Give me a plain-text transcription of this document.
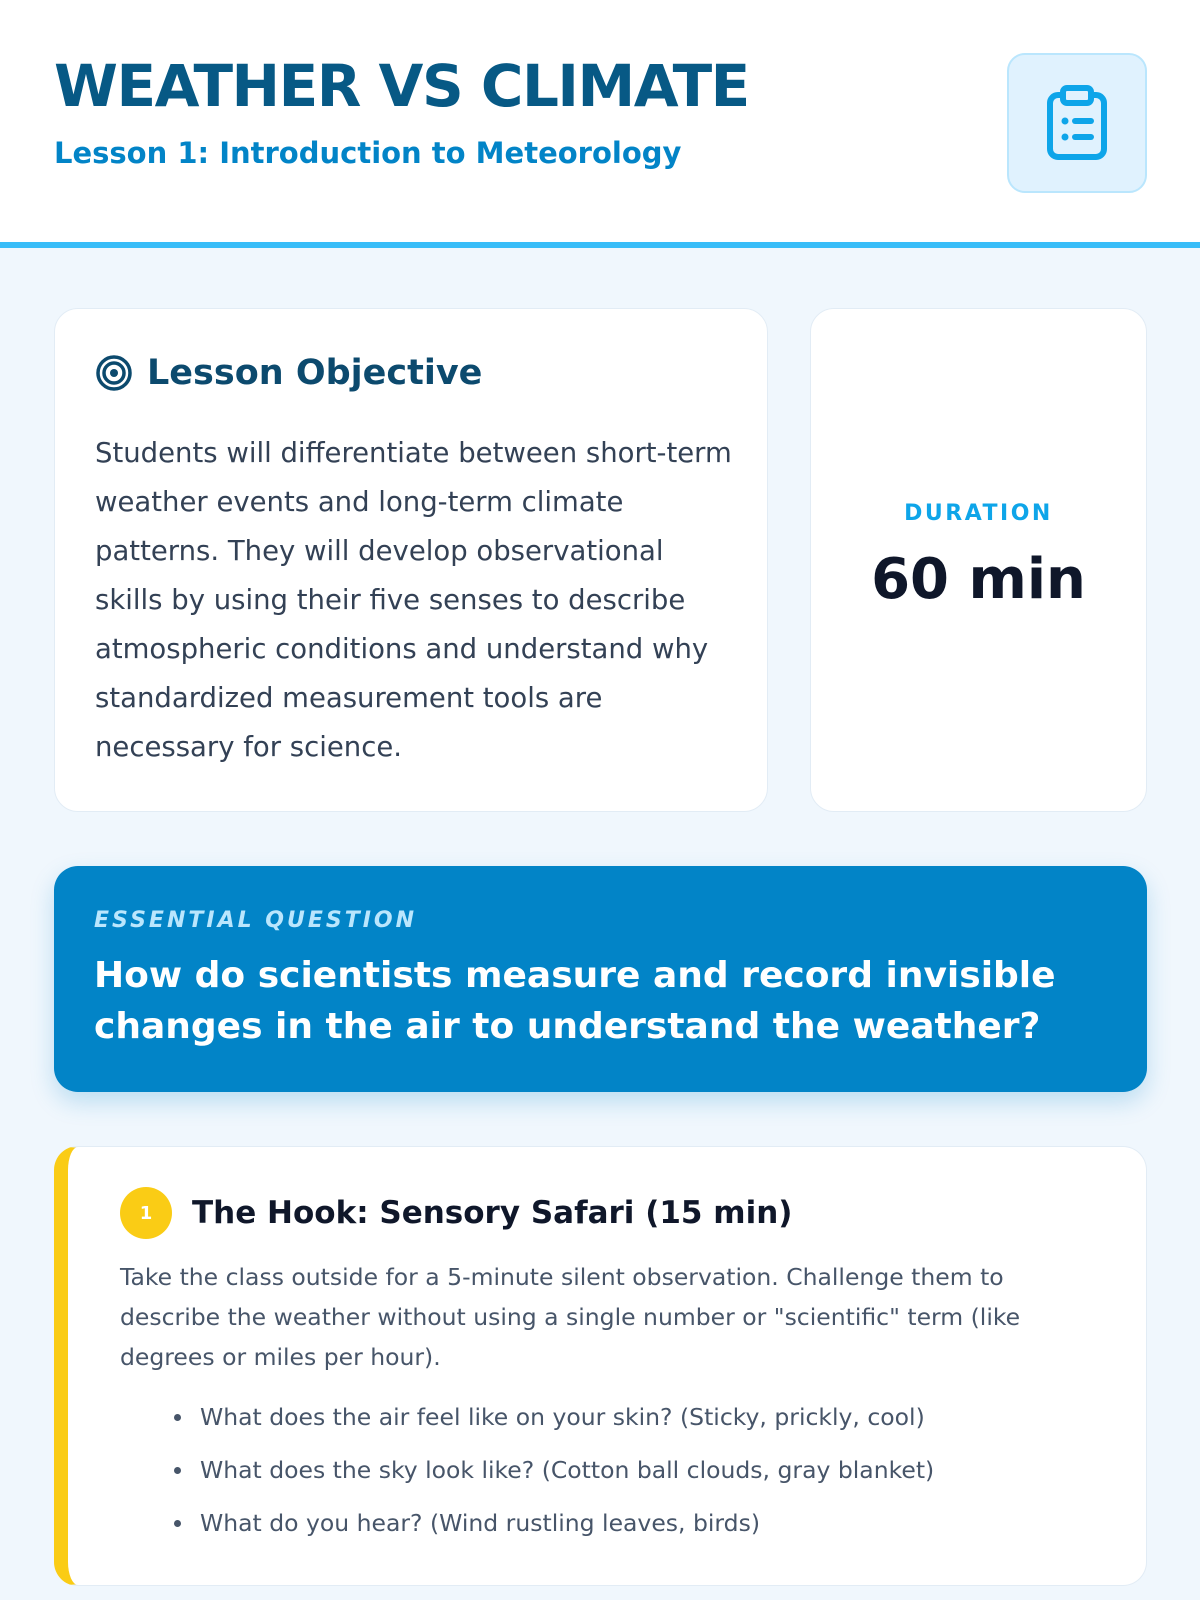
WEATHER VS CLIMATE
Lesson 1: Introduction to Meteorology
Lesson Objective

Students will differentiate between short-term weather events and long-term climate patterns. They will develop observational skills by using their five senses to describe atmospheric conditions and understand why standardized measurement tools are necessary for science.

DURATION
60 min
ESSENTIAL QUESTION

How do scientists measure and record invisible changes in the air to understand the weather?

1	The Hook: Sensory Safari (15 min)

Take the class outside for a 5-minute silent observation. Challenge them to describe the weather without using a single number or "scientific" term (like degrees or miles per hour).

What does the air feel like on your skin? (Sticky, prickly, cool)
What does the sky look like? (Cotton ball clouds, gray blanket)
What do you hear? (Wind rustling leaves, birds)
